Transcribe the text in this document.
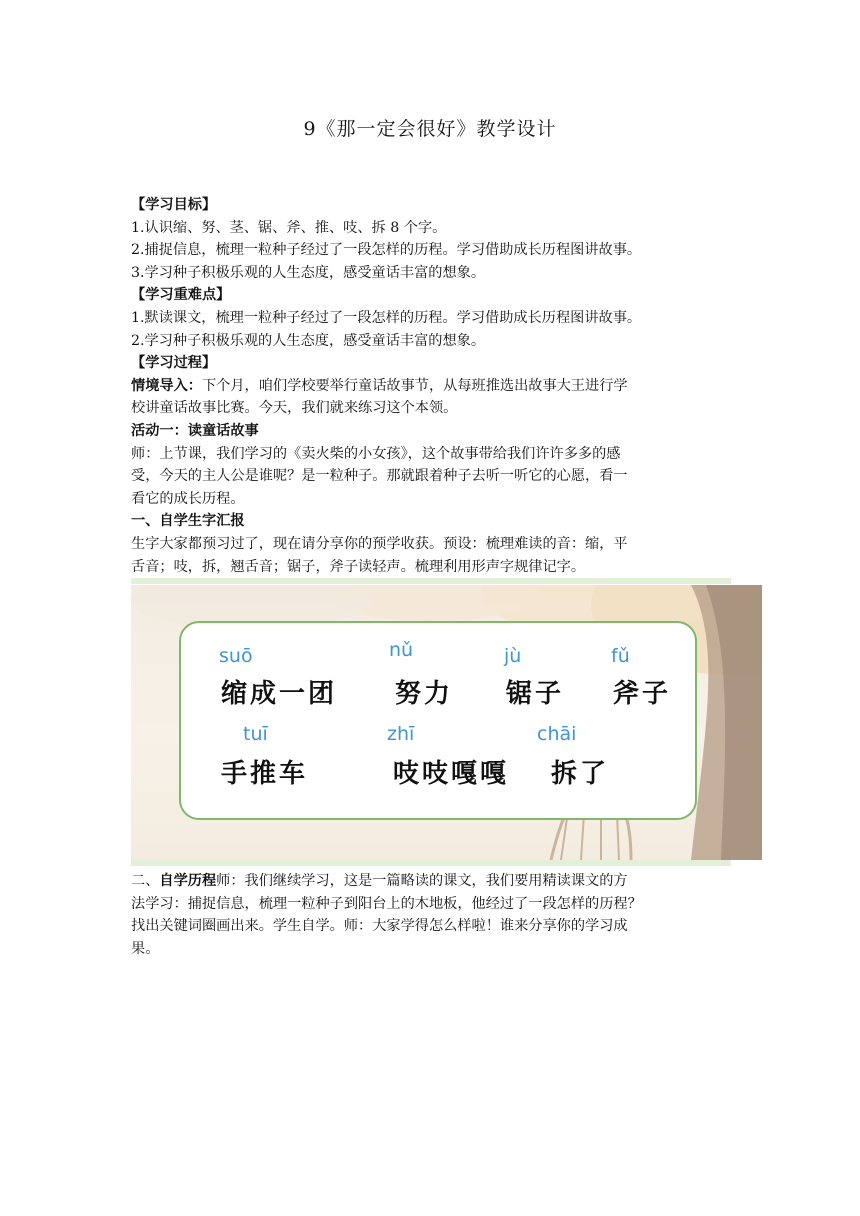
9《那一定会很好》教学设计
【学习目标】
1.认识缩、努、茎、锯、斧、推、吱、拆 8 个字。
2.捕捉信息，梳理一粒种子经过了一段怎样的历程。学习借助成长历程图讲故事。
3.学习种子积极乐观的人生态度，感受童话丰富的想象。
【学习重难点】
1.默读课文，梳理一粒种子经过了一段怎样的历程。学习借助成长历程图讲故事。
2.学习种子积极乐观的人生态度，感受童话丰富的想象。
【学习过程】
情境导入：下个月，咱们学校要举行童话故事节，从每班推选出故事大王进行学
校讲童话故事比赛。今天，我们就来练习这个本领。
活动一：读童话故事
师：上节课，我们学习的《卖火柴的小女孩》，这个故事带给我们许许多多的感
受，今天的主人公是谁呢？是一粒种子。那就跟着种子去听一听它的心愿，看一
看它的成长历程。
一、自学生字汇报
生字大家都预习过了，现在请分享你的预学收获。预设：梳理难读的音：缩，平
舌音；吱，拆，翘舌音；锯子，斧子读轻声。梳理利用形声字规律记字。
suō	nǔ	jù	fǔ
缩成一团 努力 锯子 斧子
tuī	zhī	chāi
手推车	吱吱嘎嘎 拆了
二、自学历程师：我们继续学习，这是一篇略读的课文，我们要用精读课文的方
法学习：捕捉信息，梳理一粒种子到阳台上的木地板，他经过了一段怎样的历程？
找出关键词圈画出来。学生自学。师：大家学得怎么样啦！谁来分享你的学习成
果。
